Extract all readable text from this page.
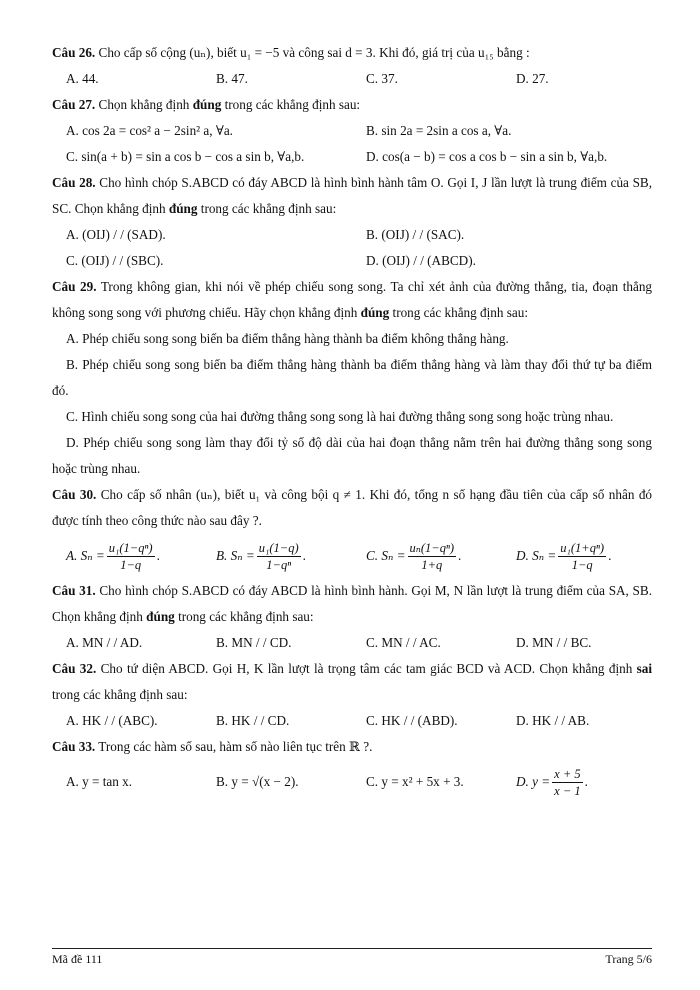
Câu 26. Cho cấp số cộng (uₙ), biết u₁ = −5 và công sai d = 3. Khi đó, giá trị của u₁₅ bằng :

A. 44.	B. 47.	C. 37.	D. 27.

Câu 27. Chọn khẳng định đúng trong các khẳng định sau:

A. cos 2a = cos² a − 2sin² a, ∀a.	B. sin 2a = 2sin a cos a, ∀a.
C. sin(a + b) = sin a cos b − cos a sin b, ∀a,b.	D. cos(a − b) = cos a cos b − sin a sin b, ∀a,b.

Câu 28. Cho hình chóp S.ABCD có đáy ABCD là hình bình hành tâm O. Gọi I, J lần lượt là trung điểm của SB, SC. Chọn khẳng định đúng trong các khẳng định sau:

A. (OIJ) / / (SAD).	B. (OIJ) / / (SAC).
C. (OIJ) / / (SBC).	D. (OIJ) / / (ABCD).

Câu 29. Trong không gian, khi nói về phép chiếu song song. Ta chỉ xét ảnh của đường thẳng, tia, đoạn thẳng không song song với phương chiếu. Hãy chọn khẳng định đúng trong các khẳng định sau:

A. Phép chiếu song song biến ba điểm thẳng hàng thành ba điểm không thẳng hàng.
B. Phép chiếu song song biến ba điểm thẳng hàng thành ba điểm thẳng hàng và làm thay đổi thứ tự ba điểm đó.
C. Hình chiếu song song của hai đường thẳng song song là hai đường thẳng song song hoặc trùng nhau.
D. Phép chiếu song song làm thay đổi tỷ số độ dài của hai đoạn thẳng nằm trên hai đường thẳng song song hoặc trùng nhau.

Câu 30. Cho cấp số nhân (uₙ), biết u₁ và công bội q ≠ 1. Khi đó, tổng n số hạng đầu tiên của cấp số nhân đó được tính theo công thức nào sau đây ?.

A. $S_n = \frac{\text{u₁(1−qⁿ)}}{1-q}$ .	B. $S_n = \frac{\text{u₁(1−q)}}{\text{1−qⁿ}}$ .	C. $S_n = \frac{\text{uₙ(1−qⁿ)}}{1+q}$ .	D. $S_n = \frac{\text{u₁(1+qⁿ)}}{1-q}$ .

Câu 31. Cho hình chóp S.ABCD có đáy ABCD là hình bình hành. Gọi M, N lần lượt là trung điểm của SA, SB. Chọn khẳng định đúng trong các khẳng định sau:

A. MN / / AD.	B. MN / / CD.	C. MN / / AC.	D. MN / / BC.

Câu 32. Cho tứ diện ABCD. Gọi H, K lần lượt là trọng tâm các tam giác BCD và ACD. Chọn khẳng định sai trong các khẳng định sau:

A. HK / / (ABC).	B. HK / / CD.	C. HK / / (ABD).	D. HK / / AB.

Câu 33. Trong các hàm số sau, hàm số nào liên tục trên ℝ ?.

A. y = tan x.	B. y = √(x − 2).	C. y = x² + 5x + 3.	D. $y = \frac{x + 5}{x - 1}$ .
Mã đề 111	Trang 5/6
